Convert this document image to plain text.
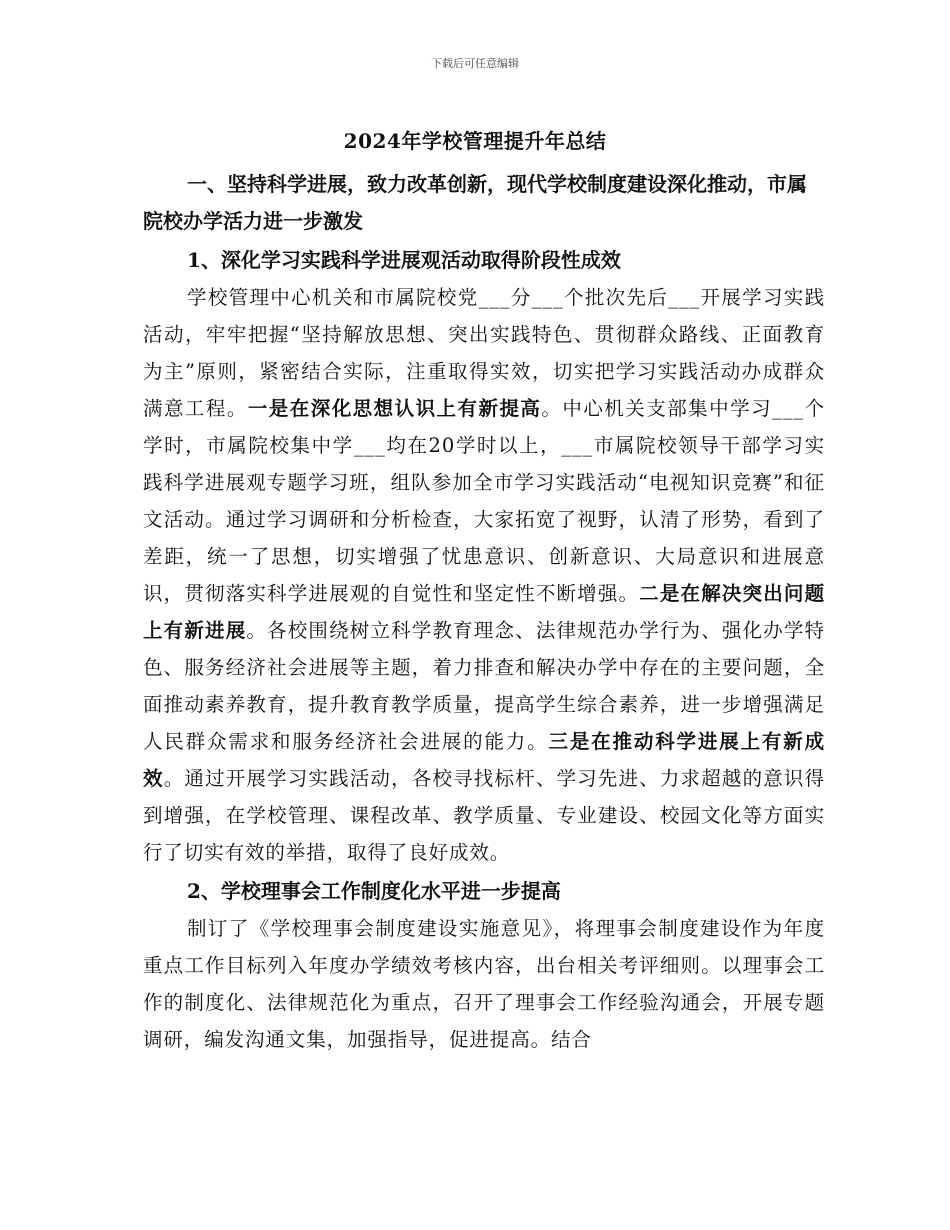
下载后可任意编辑
2024年学校管理提升年总结

一、坚持科学进展，致力改革创新，现代学校制度建设深化推动，市属院校办学活力进一步激发

1、深化学习实践科学进展观活动取得阶段性成效

学校管理中心机关和市属院校党___分___个批次先后___开展学习实践活动，牢牢把握“坚持解放思想、突出实践特色、贯彻群众路线、正面教育为主”原则，紧密结合实际，注重取得实效，切实把学习实践活动办成群众满意工程。一是在深化思想认识上有新提高。中心机关支部集中学习___个学时，市属院校集中学___均在20学时以上，___市属院校领导干部学习实践科学进展观专题学习班，组队参加全市学习实践活动“电视知识竞赛”和征文活动。通过学习调研和分析检查，大家拓宽了视野，认清了形势，看到了差距，统一了思想，切实增强了忧患意识、创新意识、大局意识和进展意识，贯彻落实科学进展观的自觉性和坚定性不断增强。二是在解决突出问题上有新进展。各校围绕树立科学教育理念、法律规范办学行为、强化办学特色、服务经济社会进展等主题，着力排查和解决办学中存在的主要问题，全面推动素养教育，提升教育教学质量，提高学生综合素养，进一步增强满足人民群众需求和服务经济社会进展的能力。三是在推动科学进展上有新成效。通过开展学习实践活动，各校寻找标杆、学习先进、力求超越的意识得到增强，在学校管理、课程改革、教学质量、专业建设、校园文化等方面实行了切实有效的举措，取得了良好成效。

2、学校理事会工作制度化水平进一步提高

制订了《学校理事会制度建设实施意见》，将理事会制度建设作为年度重点工作目标列入年度办学绩效考核内容，出台相关考评细则。以理事会工作的制度化、法律规范化为重点，召开了理事会工作经验沟通会，开展专题调研，编发沟通文集，加强指导，促进提高。结合
